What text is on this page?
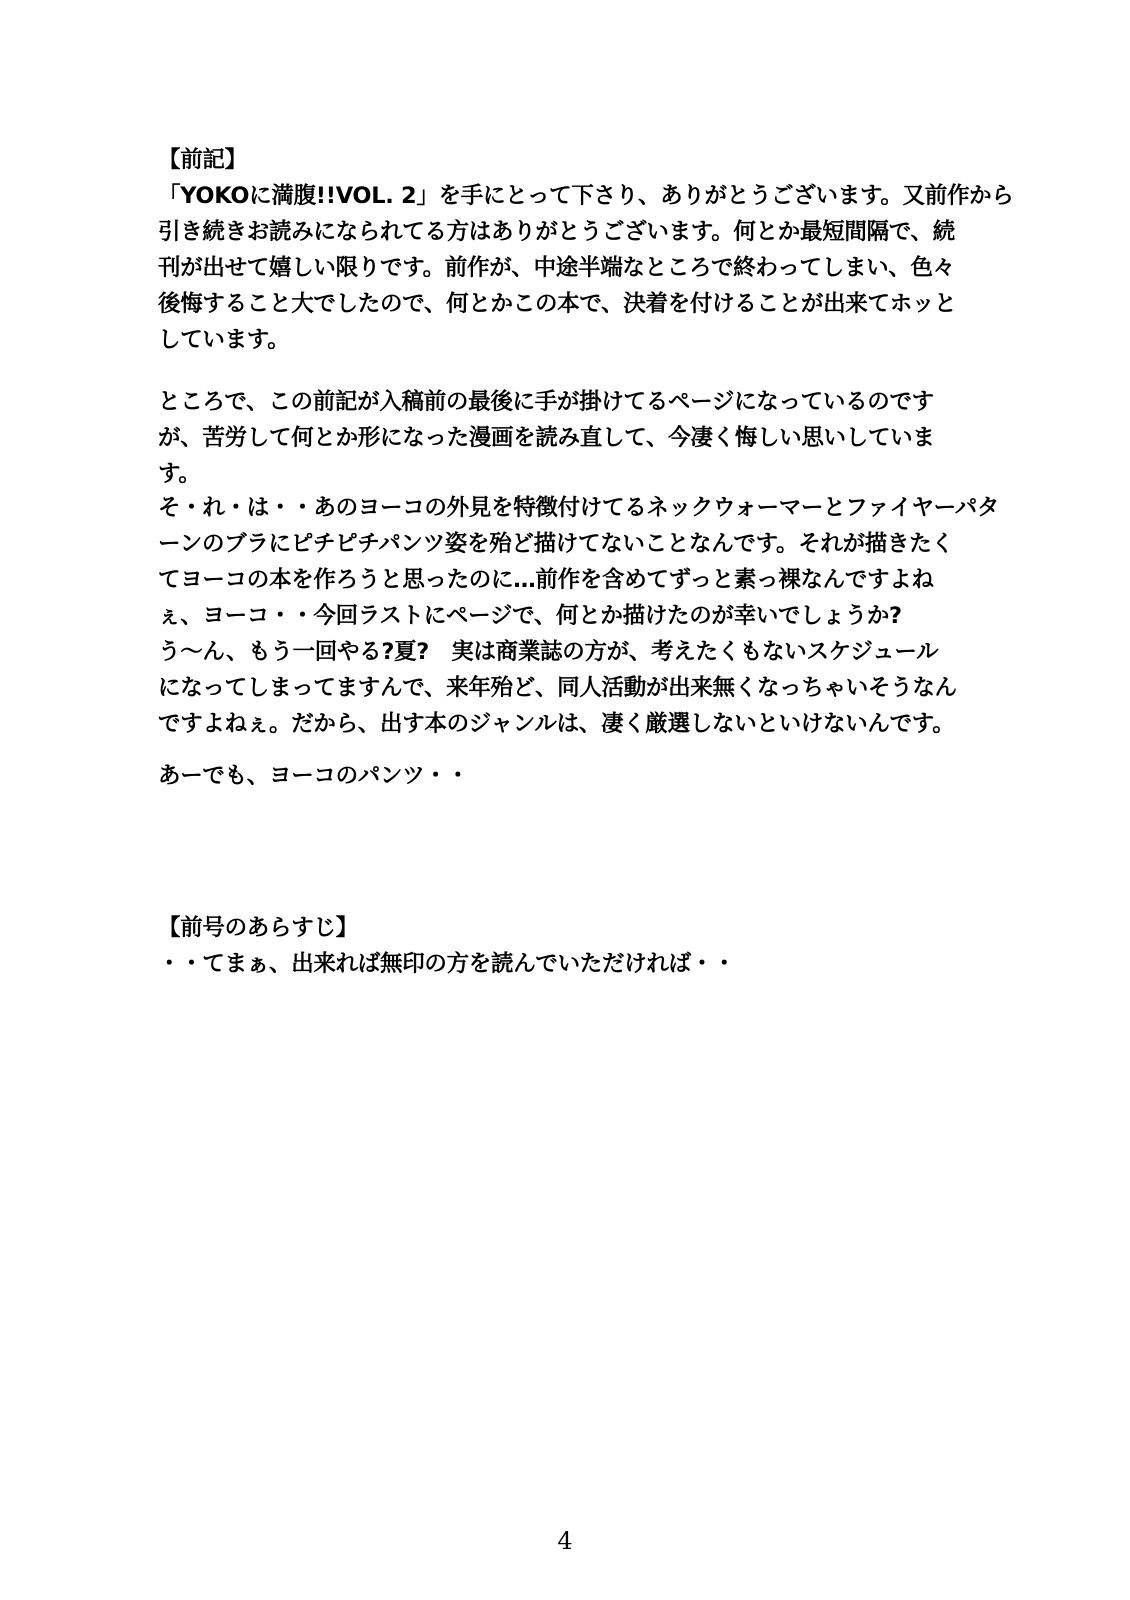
【前記】
「YOKOに満腹!!VOL. 2」を手にとって下さり、ありがとうございます。又前作から
引き続きお読みになられてる方はありがとうございます。何とか最短間隔で、続
刊が出せて嬉しい限りです。前作が、中途半端なところで終わってしまい、色々
後悔すること大でしたので、何とかこの本で、決着を付けることが出来てホッと
しています。
ところで、この前記が入稿前の最後に手が掛けてるページになっているのです
が、苦労して何とか形になった漫画を読み直して、今凄く悔しい思いしていま
す。
そ・れ・は・・あのヨーコの外見を特徴付けてるネックウォーマーとファイヤーパタ
ーンのブラにピチピチパンツ姿を殆ど描けてないことなんです。それが描きたく
てヨーコの本を作ろうと思ったのに…前作を含めてずっと素っ裸なんですよね
ぇ、ヨーコ・・今回ラストにページで、何とか描けたのが幸いでしょうか?
う～ん、もう一回やる?夏?　実は商業誌の方が、考えたくもないスケジュール
になってしまってますんで、来年殆ど、同人活動が出来無くなっちゃいそうなん
ですよねぇ。だから、出す本のジャンルは、凄く厳選しないといけないんです。
あーでも、ヨーコのパンツ・・
【前号のあらすじ】
・・てまぁ、出来れば無印の方を読んでいただければ・・
4
